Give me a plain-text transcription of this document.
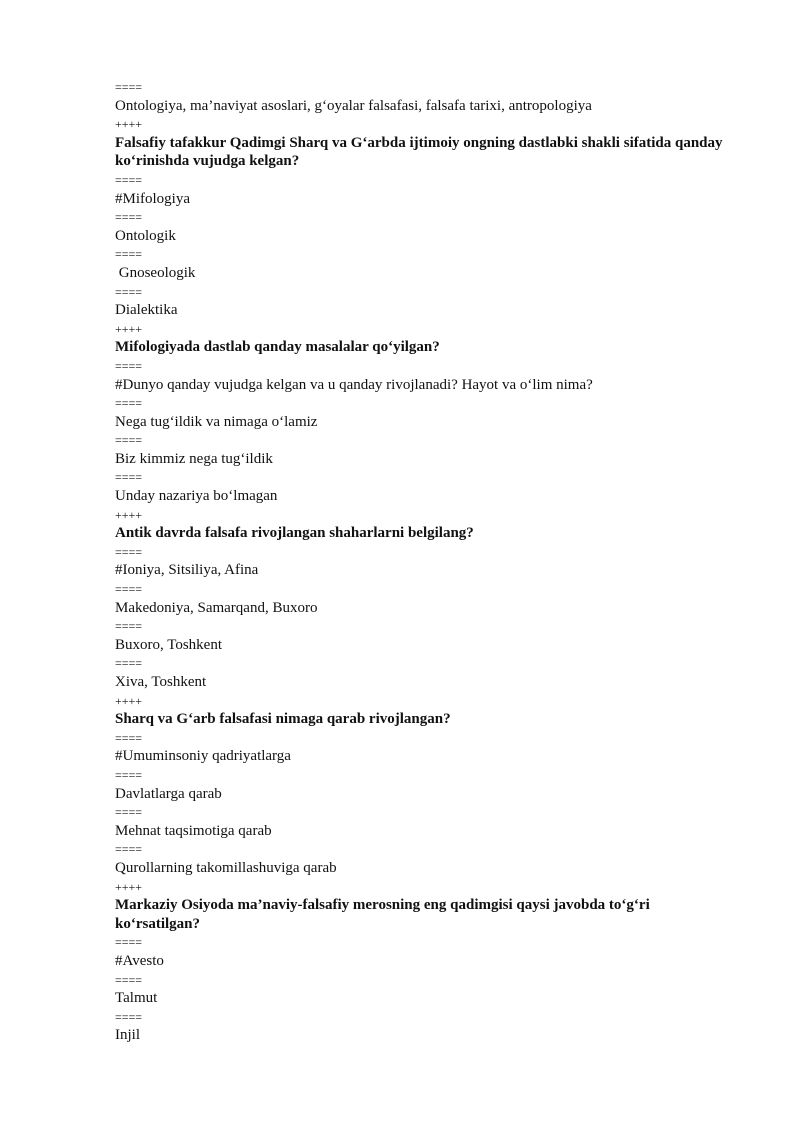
====
Ontologiya, ma’naviyat asoslari, g‘oyalar falsafasi, falsafa tarixi, antropologiya
++++
Falsafiy tafakkur Qadimgi Sharq va G‘arbda ijtimoiy ongning dastlabki shakli sifatida qanday ko‘rinishda vujudga kelgan?
====
#Mifologiya
====
Ontologik
====
Gnoseologik
====
Dialektika
++++
Mifologiyada dastlab qanday masalalar qo‘yilgan?
====
#Dunyo qanday vujudga kelgan va u qanday rivojlanadi? Hayot va o‘lim nima?
====
Nega tug‘ildik va nimaga o‘lamiz
====
Biz kimmiz nega tug‘ildik
====
Unday nazariya bo‘lmagan
++++
Antik davrda falsafa rivojlangan shaharlarni belgilang?
====
#Ioniya, Sitsiliya, Afina
====
Makedoniya, Samarqand, Buxoro
====
Buxoro, Toshkent
====
Xiva, Toshkent
++++
Sharq va G‘arb falsafasi nimaga qarab rivojlangan?
====
#Umuminsoniy qadriyatlarga
====
Davlatlarga qarab
====
Mehnat taqsimotiga qarab
====
Qurollarning takomillashuviga qarab
++++
Markaziy Osiyoda ma’naviy-falsafiy merosning eng qadimgisi qaysi javobda to‘g‘ri ko‘rsatilgan?
====
#Avesto
====
Talmut
====
Injil
